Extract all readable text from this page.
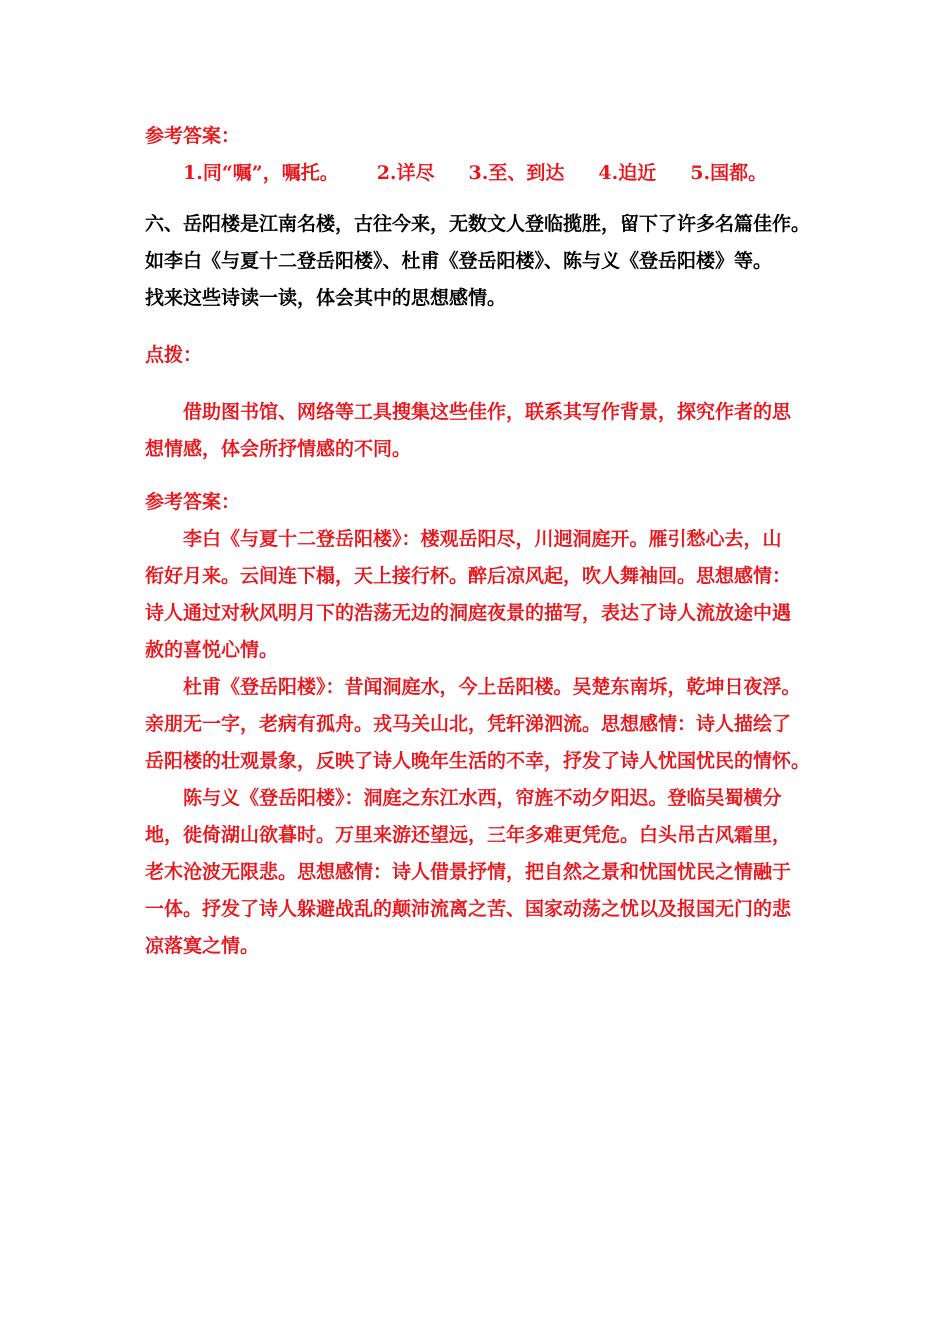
参考答案：

1.同“嘱”，嘱托。 2.详尽 3.至、到达 4.迫近 5.国都。

六、岳阳楼是江南名楼，古往今来，无数文人登临揽胜，留下了许多名篇佳作。

如李白《与夏十二登岳阳楼》、杜甫《登岳阳楼》、陈与义《登岳阳楼》等。

找来这些诗读一读，体会其中的思想感情。

点拨：

借助图书馆、网络等工具搜集这些佳作，联系其写作背景，探究作者的思

想情感，体会所抒情感的不同。

参考答案：

李白《与夏十二登岳阳楼》：楼观岳阳尽，川迥洞庭开。雁引愁心去，山

衔好月来。云间连下榻，天上接行杯。醉后凉风起，吹人舞袖回。思想感情：

诗人通过对秋风明月下的浩荡无边的洞庭夜景的描写，表达了诗人流放途中遇

赦的喜悦心情。

杜甫《登岳阳楼》：昔闻洞庭水，今上岳阳楼。吴楚东南坼，乾坤日夜浮。

亲朋无一字，老病有孤舟。戎马关山北，凭轩涕泗流。思想感情：诗人描绘了

岳阳楼的壮观景象，反映了诗人晚年生活的不幸，抒发了诗人忧国忧民的情怀。

陈与义《登岳阳楼》：洞庭之东江水西，帘旌不动夕阳迟。登临吴蜀横分

地，徙倚湖山欲暮时。万里来游还望远，三年多难更凭危。白头吊古风霜里，

老木沧波无限悲。思想感情：诗人借景抒情，把自然之景和忧国忧民之情融于

一体。抒发了诗人躲避战乱的颠沛流离之苦、国家动荡之忧以及报国无门的悲

凉落寞之情。
